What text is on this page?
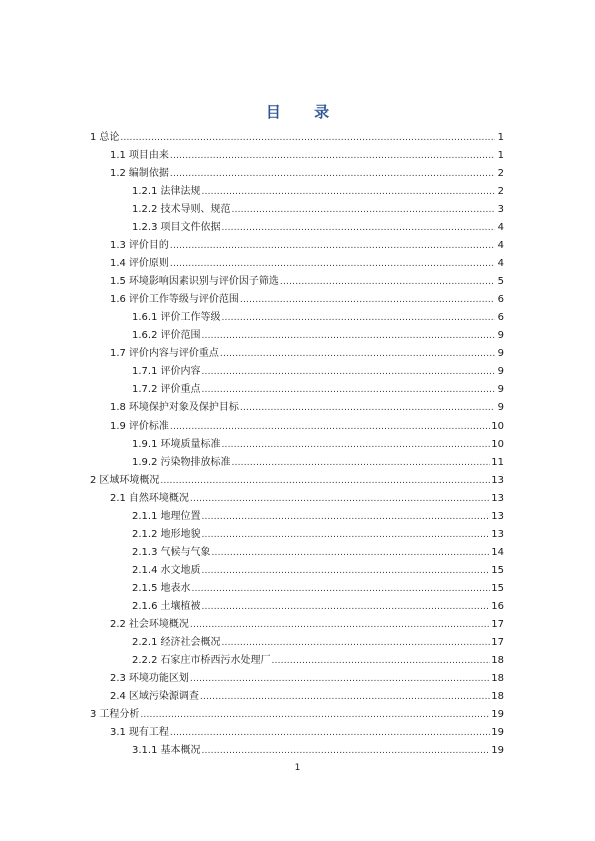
目 录
1 总论 .....	1
1.1 项目由来 .....	1
1.2 编制依据 .....	2
1.2.1 法律法规 .....	2
1.2.2 技术导则、规范 .....	3
1.2.3 项目文件依据 .....	4
1.3 评价目的 .....	4
1.4 评价原则 .....	4
1.5 环境影响因素识别与评价因子筛选 .....	5
1.6 评价工作等级与评价范围 .....	6
1.6.1 评价工作等级 .....	6
1.6.2 评价范围 .....	9
1.7 评价内容与评价重点 .....	9
1.7.1 评价内容 .....	9
1.7.2 评价重点 .....	9
1.8 环境保护对象及保护目标 .....	9
1.9 评价标准 .....	10
1.9.1 环境质量标准 .....	10
1.9.2 污染物排放标准 .....	11
2 区域环境概况 .....	13
2.1 自然环境概况 .....	13
2.1.1 地理位置 .....	13
2.1.2 地形地貌 .....	13
2.1.3 气候与气象 .....	14
2.1.4 水文地质 .....	15
2.1.5 地表水 .....	15
2.1.6 土壤植被 .....	16
2.2 社会环境概况 .....	17
2.2.1 经济社会概况 .....	17
2.2.2 石家庄市桥西污水处理厂 .....	18
2.3 环境功能区划 .....	18
2.4 区域污染源调查 .....	18
3 工程分析 .....	19
3.1 现有工程 .....	19
3.1.1 基本概况 .....	19
1
